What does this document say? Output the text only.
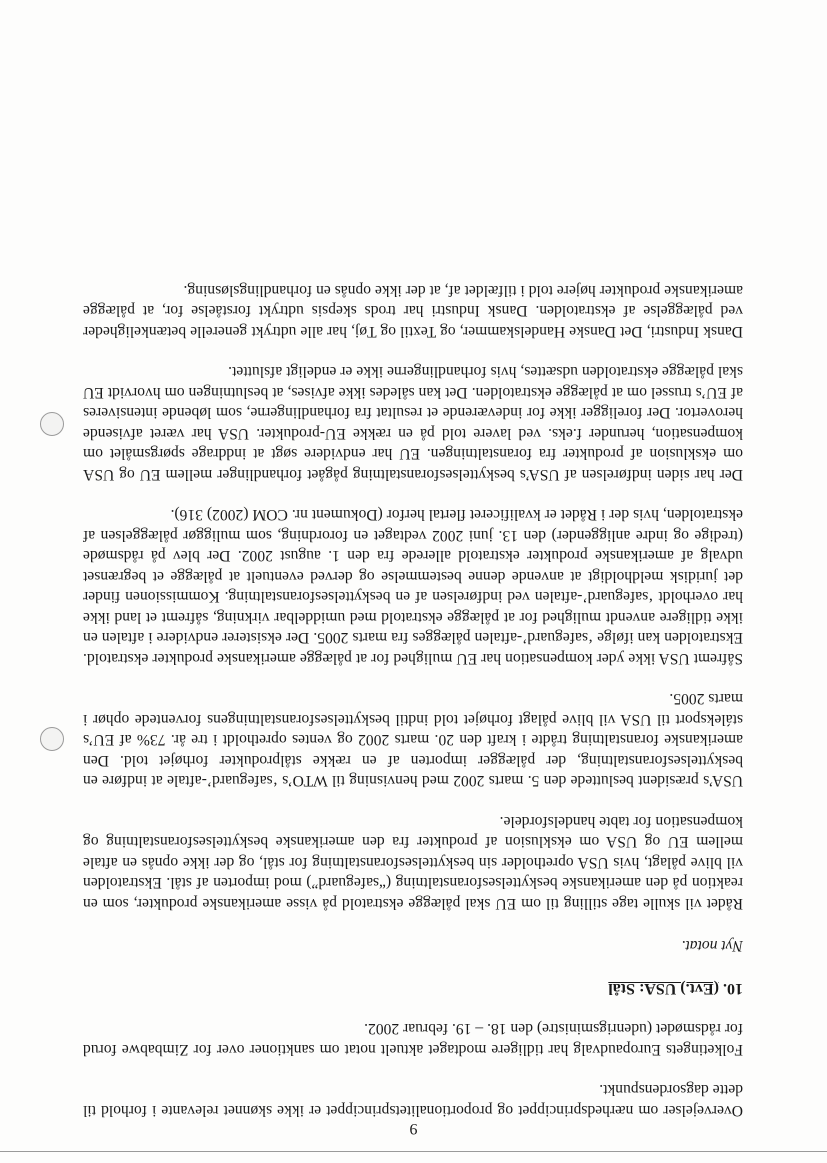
9

Overvejelser om nærhedsprincippet og proportionalitetsprincippet er ikke skønnet relevante i forhold til dette dagsordenspunkt.

Folketingets Europaudvalg har tidligere modtaget aktuelt notat om sanktioner over for Zimbabwe forud for rådsmødet (udenrigsministre) den 18. – 19. februar 2002.

10. (Evt.) USA: Stål
Nyt notat.

Rådet vil skulle tage stilling til om EU skal pålægge ekstratold på visse amerikanske produkter, som en reaktion på den amerikanske beskyttelsesforanstaltning (“safeguard”) mod importen af stål. Ekstratolden vil blive pålagt, hvis USA opretholder sin beskyttelsesforanstaltning for stål, og der ikke opnås en aftale mellem EU og USA om eksklusion af produkter fra den amerikanske beskyttelsesforanstaltning og kompensation for tabte handelsfordele.

USA’s præsident besluttede den 5. marts 2002 med henvisning til WTO’s ‘safeguard’-aftale at indføre en beskyttelsesforanstaltning, der pålægger importen af en række stålprodukter forhøjet told. Den amerikanske foranstaltning trådte i kraft den 20. marts 2002 og ventes opretholdt i tre år. 73% af EU’s stáleksport til USA vil blive pålagt forhøjet told indtil beskyttelsesforanstaltningens forventede ophør i marts 2005.

Såfremt USA ikke yder kompensation har EU mulighed for at pålægge amerikanske produkter ekstratold. Ekstratolden kan ifølge ‘safeguard’-aftalen pålægges fra marts 2005. Der eksisterer endvidere i aftalen en ikke tidligere anvendt mulighed for at pålægge ekstratold med umiddelbar virkning, såfremt et land ikke har overholdt ‘safeguard’-aftalen ved indførelsen af en beskyttelsesforanstaltning. Kommissionen finder det juridisk meldholdigt at anvende denne bestemmelse og derved eventuelt at pålægge et begrænset udvalg af amerikanske produkter ekstratold allerede fra den 1. august 2002. Der blev på rådsmøde (tredige og indre anliggender) den 13. juni 2002 vedtaget en forordning, som muliggør pålæggelsen af ekstratolden, hvis der i Rådet er kvalificeret flertal herfor (Dokument nr. COM (2002) 316).

Der har siden indførelsen af USA’s beskyttelsesforanstaltning pågået forhandlinger mellem EU og USA om eksklusion af produkter fra foranstaltningen. EU har endvidere søgt at inddrage spørgsmålet om kompensation, herunder f.eks. ved lavere told på en række EU-produkter. USA har været afvisende herovertor. Der foreligger ikke for indeværende et resultat fra forhandlingerne, som løbende intensiveres af EU’s trussel om at pålægge ekstratolden. Det kan således ikke afvises, at beslutningen om hvorvidt EU skal pålægge ekstratolden udsættes, hvis forhandlingerne ikke er endeligt afsluttet.

Dansk Industri, Det Danske Handelskammer, og Textil og Tøj, har alle udtrykt generelle betænkeligheder ved pålæggelse af ekstratolden. Dansk Industri har trods skepsis udtrykt forståelse for, at pålægge amerikanske produkter højere told i tilfældet af, at der ikke opnås en forhandlingsløsning.
